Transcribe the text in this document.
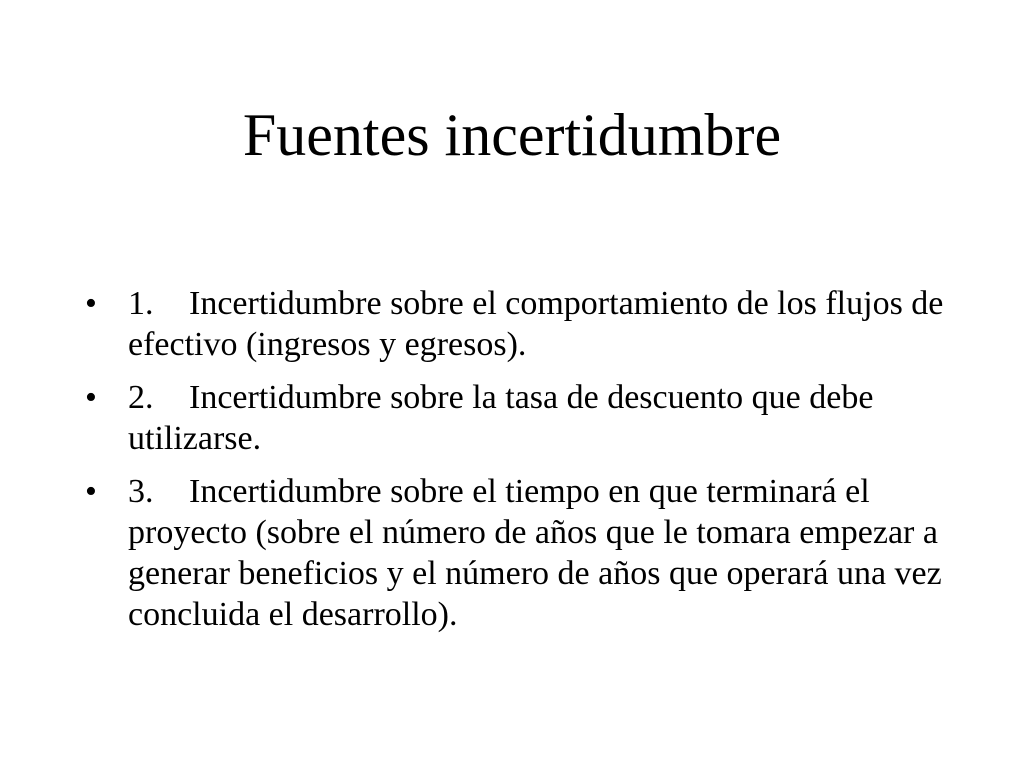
Fuentes incertidumbre
• 1. Incertidumbre sobre el comportamiento de los flujos de efectivo (ingresos y egresos).
• 2. Incertidumbre sobre la tasa de descuento que debe utilizarse.
• 3. Incertidumbre sobre el tiempo en que terminará el proyecto (sobre el número de años que le tomara empezar a generar beneficios y el número de años que operará una vez concluida el desarrollo).
